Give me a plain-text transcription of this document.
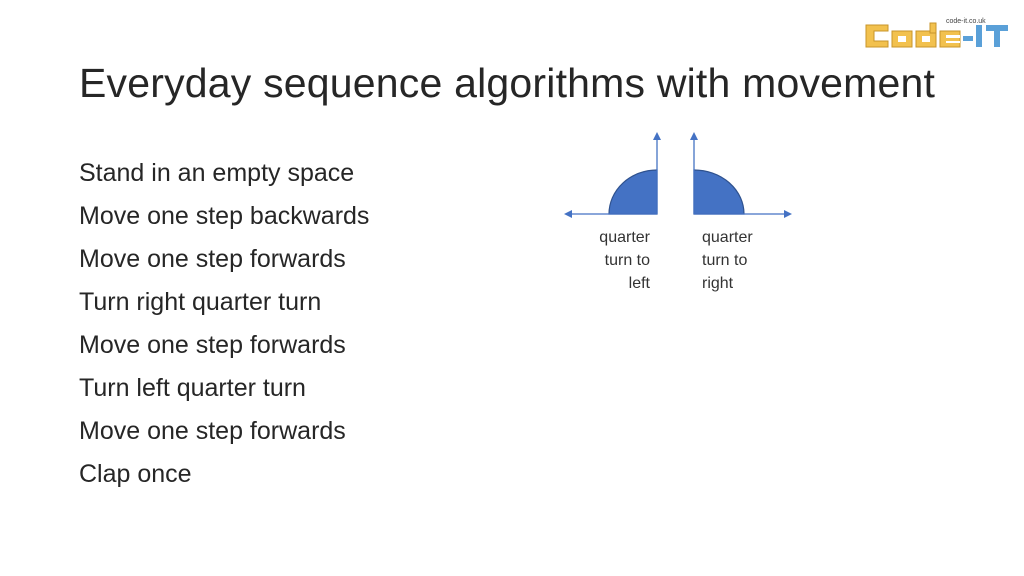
code-it.co.uk
Everyday sequence algorithms with movement
Stand in an empty space
Move one step backwards
Move one step forwards
Turn right quarter turn
Move one step forwards
Turn left quarter turn
Move one step forwards
Clap once
quarter
turn to
left
quarter
turn to
right
